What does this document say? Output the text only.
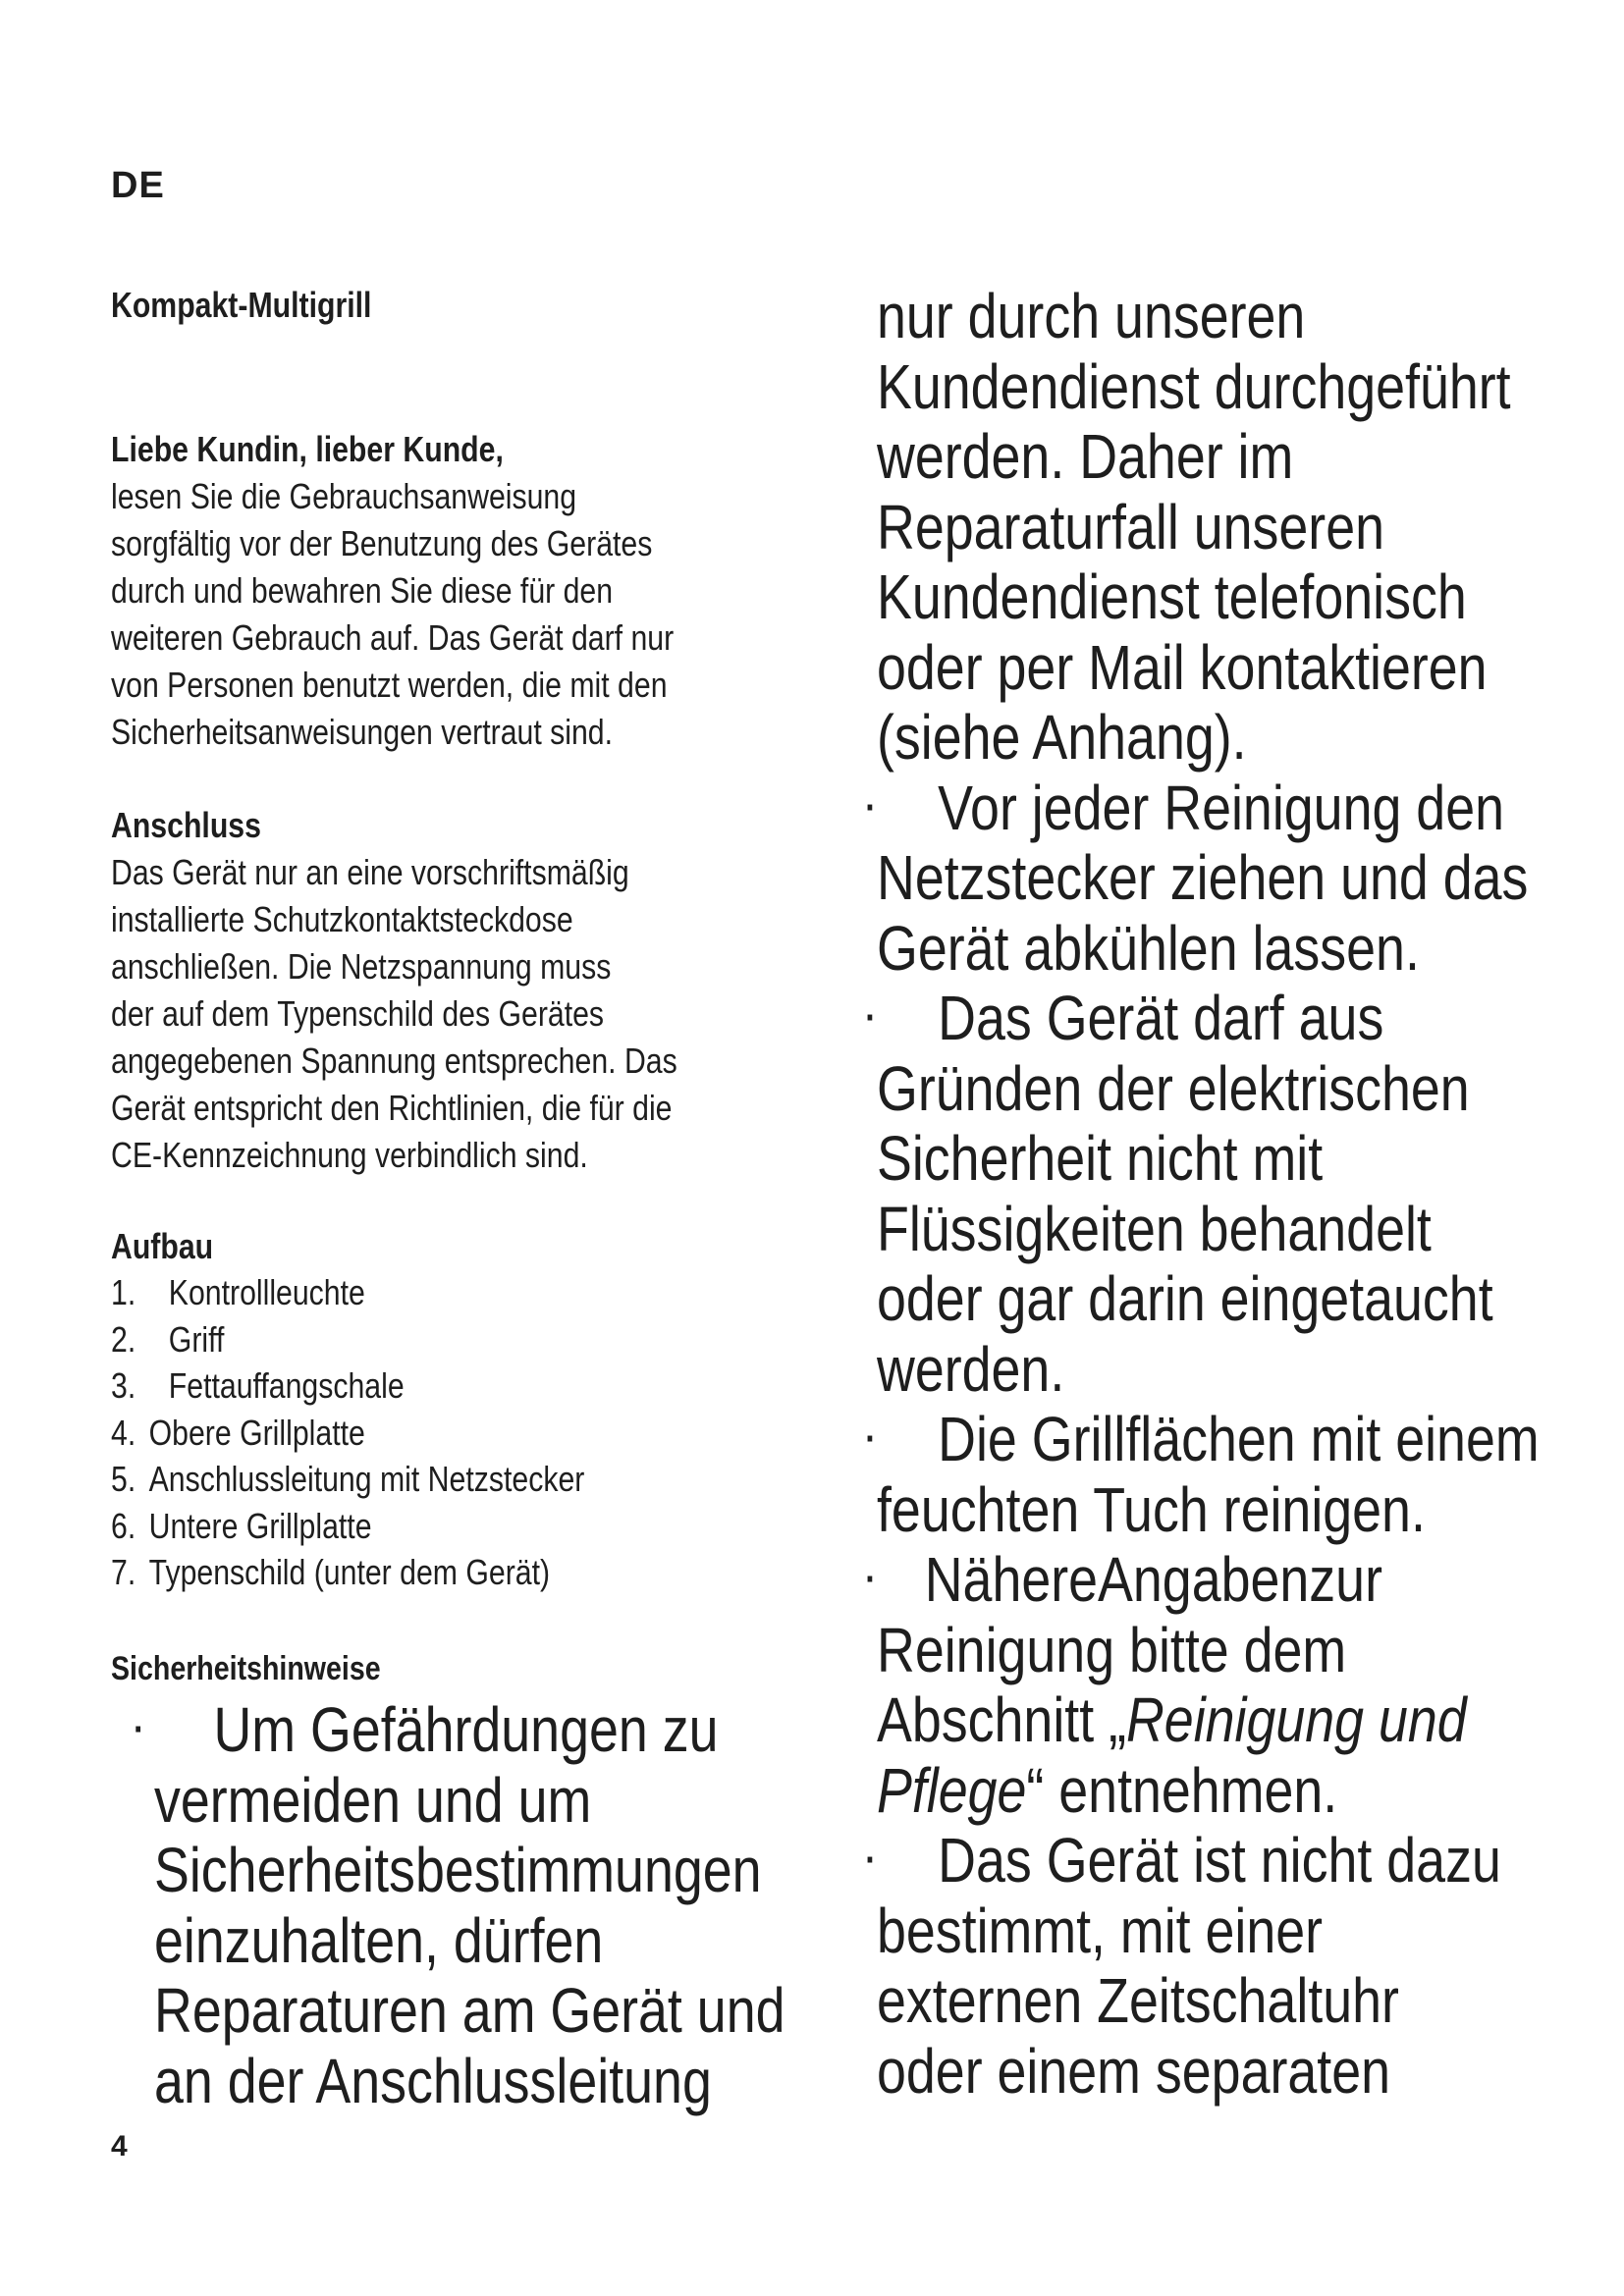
DE
Kompakt-Multigrill
Liebe Kundin, lieber Kunde,
lesen Sie die Gebrauchsanweisung
sorgfältig vor der Benutzung des Gerätes
durch und bewahren Sie diese für den
weiteren Gebrauch auf. Das Gerät darf nur
von Personen benutzt werden, die mit den
Sicherheitsanweisungen vertraut sind.
Anschluss
Das Gerät nur an eine vorschriftsmäßig
installierte Schutzkontaktsteckdose
anschließen. Die Netzspannung muss
der auf dem Typenschild des Gerätes
angegebenen Spannung entsprechen. Das
Gerät entspricht den Richtlinien, die für die
CE-Kennzeichnung verbindlich sind.
Aufbau
1. Kontrollleuchte
2. Griff
3. Fettauffangschale
4. Obere Grillplatte
5. Anschlussleitung mit Netzstecker
6. Untere Grillplatte
7. Typenschild (unter dem Gerät)
Sicherheitshinweise
·	Um Gefährdungen zu
vermeiden und um
Sicherheitsbestimmungen
einzuhalten, dürfen
Reparaturen am Gerät und
an der Anschlussleitung
nur durch unseren
Kundendienst durchgeführt
werden. Daher im
Reparaturfall unseren
Kundendienst telefonisch
oder per Mail kontaktieren
(siehe Anhang).
· Vor jeder Reinigung den
Netzstecker ziehen und das
Gerät abkühlen lassen.
· Das Gerät darf aus
Gründen der elektrischen
Sicherheit nicht mit
Flüssigkeiten behandelt
oder gar darin eingetaucht
werden.
· Die Grillflächen mit einem
feuchten Tuch reinigen.
· NähereAngabenzur
Reinigung bitte dem
Abschnitt „Reinigung und
Pflege“ entnehmen.
· Das Gerät ist nicht dazu
bestimmt, mit einer
externen Zeitschaltuhr
oder einem separaten
4
